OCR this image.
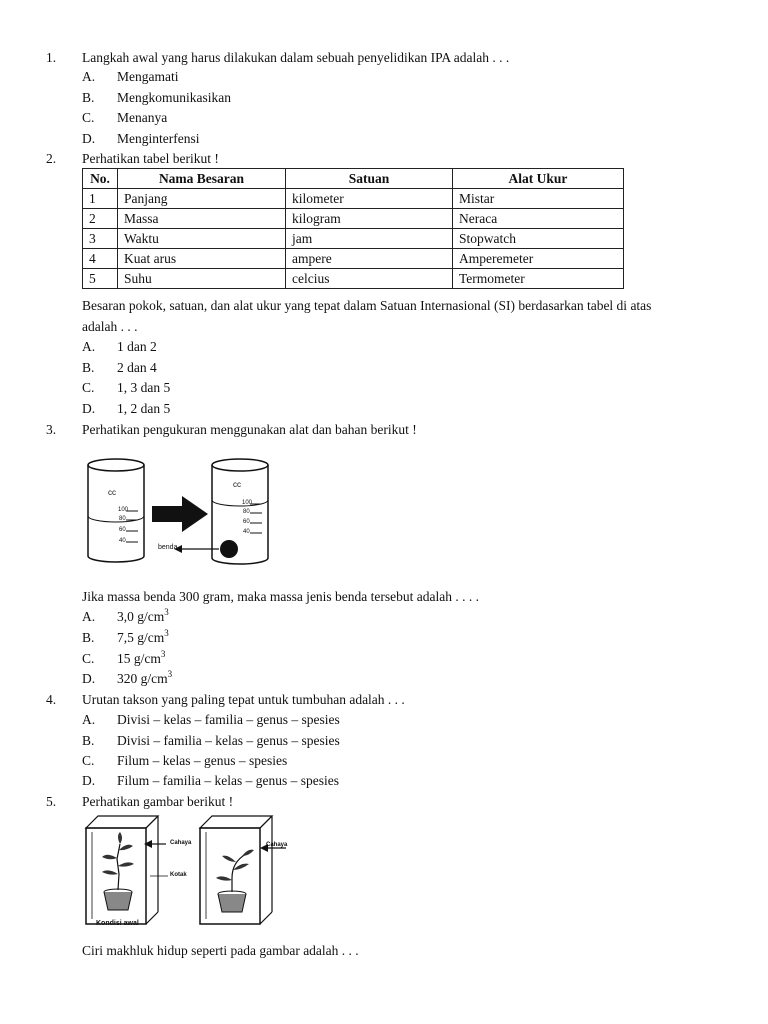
1. Langkah awal yang harus dilakukan dalam sebuah penyelidikan IPA adalah . . .
A. Mengamati
B. Mengkomunikasikan
C. Menanya
D. Menginterfensi
2. Perhatikan tabel berikut !
No.	Nama Besaran	Satuan	Alat Ukur
1	Panjang	kilometer	Mistar
2	Massa	kilogram	Neraca
3	Waktu	jam	Stopwatch
4	Kuat arus	ampere	Amperemeter
5	Suhu	celcius	Termometer
Besaran pokok, satuan, dan alat ukur yang tepat dalam Satuan Internasional (SI) berdasarkan tabel di atas
adalah . . .
A. 1 dan 2
B. 2 dan 4
C. 1, 3 dan 5
D. 1, 2 dan 5
3. Perhatikan pengukuran menggunakan alat dan bahan berikut !
cc
cc
100
80
60
40
100
80
60
40
benda
Jika massa benda 300 gram, maka massa jenis benda tersebut adalah . . . .
A. 3,0 $g/cm^3$
B. 7,5 $g/cm^3$
C. 15 $g/cm^3$
D. 320 $g/cm^3$
4. Urutan takson yang paling tepat untuk tumbuhan adalah . . .
A. Divisi – kelas – familia – genus – spesies
B. Divisi – familia – kelas – genus – spesies
C. Filum – kelas – genus – spesies
D. Filum – familia – kelas – genus – spesies
5. Perhatikan gambar berikut !
Cahaya
Kotak
Cahaya
Kondisi awal
Ciri makhluk hidup seperti pada gambar adalah . . .
